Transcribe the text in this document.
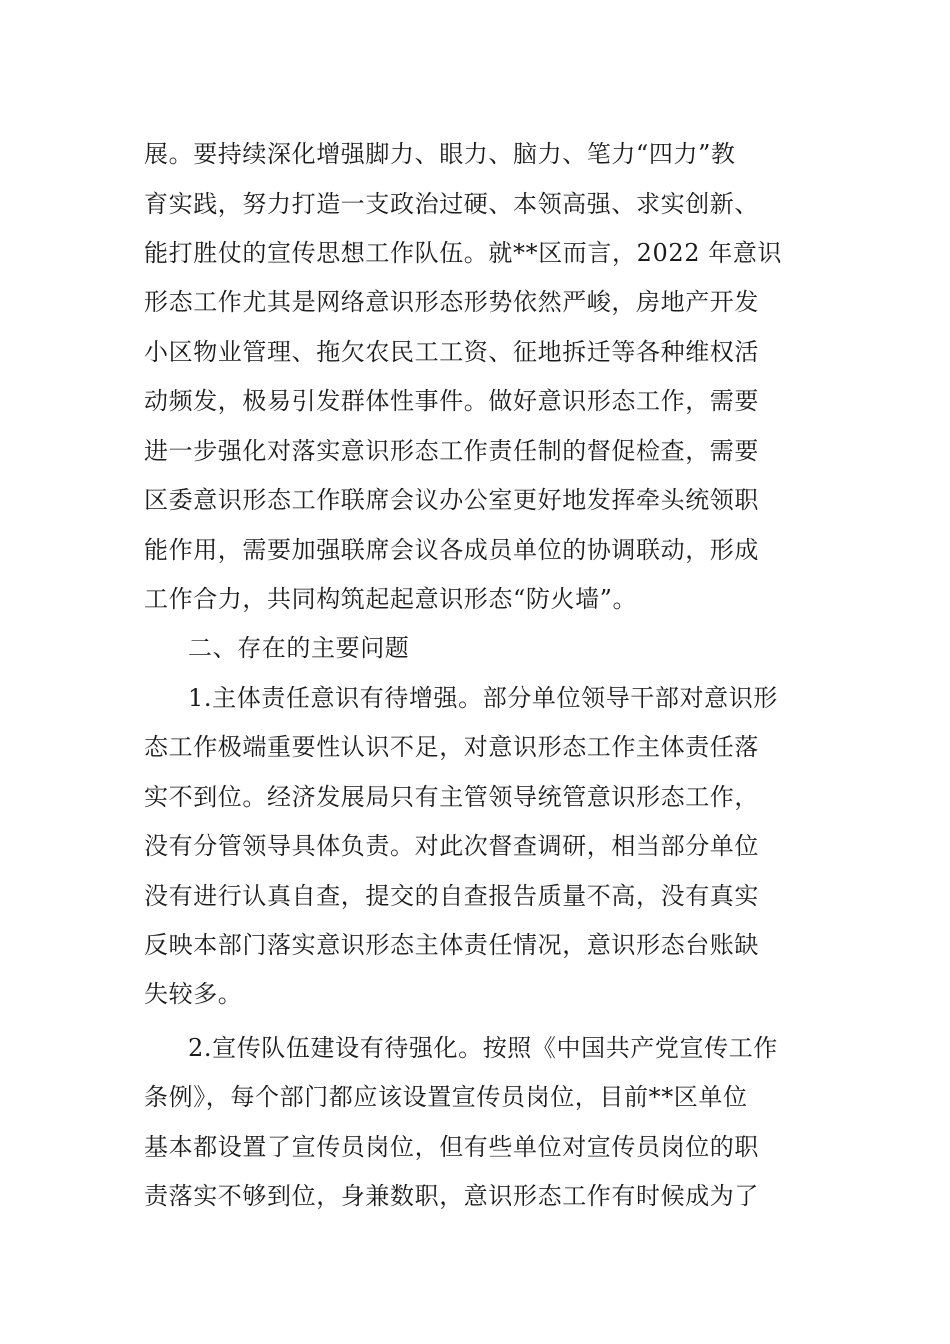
展。要持续深化增强脚力、眼力、脑力、笔力“四力”教
育实践，努力打造一支政治过硬、本领高强、求实创新、
能打胜仗的宣传思想工作队伍。就**区而言，2022 年意识
形态工作尤其是网络意识形态形势依然严峻，房地产开发
小区物业管理、拖欠农民工工资、征地拆迁等各种维权活
动频发，极易引发群体性事件。做好意识形态工作，需要
进一步强化对落实意识形态工作责任制的督促检查，需要
区委意识形态工作联席会议办公室更好地发挥牵头统领职
能作用，需要加强联席会议各成员单位的协调联动，形成
工作合力，共同构筑起起意识形态“防火墙”。
二、存在的主要问题
1.主体责任意识有待增强。部分单位领导干部对意识形
态工作极端重要性认识不足，对意识形态工作主体责任落
实不到位。经济发展局只有主管领导统管意识形态工作，
没有分管领导具体负责。对此次督查调研，相当部分单位
没有进行认真自查，提交的自查报告质量不高，没有真实
反映本部门落实意识形态主体责任情况，意识形态台账缺
失较多。
2.宣传队伍建设有待强化。按照《中国共产党宣传工作
条例》，每个部门都应该设置宣传员岗位，目前**区单位
基本都设置了宣传员岗位，但有些单位对宣传员岗位的职
责落实不够到位，身兼数职，意识形态工作有时候成为了
